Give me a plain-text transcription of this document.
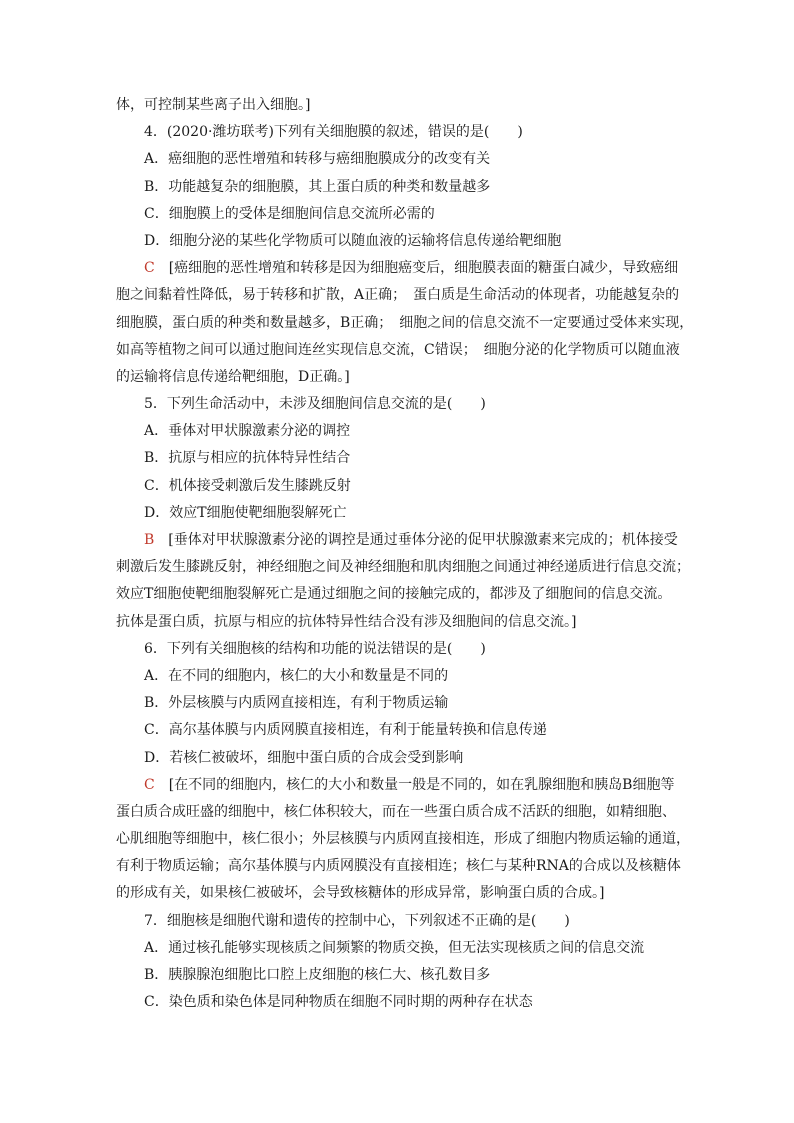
体，可控制某些离子出入细胞。]
4．(2020·潍坊联考)下列有关细胞膜的叙述，错误的是(　　)
A．癌细胞的恶性增殖和转移与癌细胞膜成分的改变有关
B．功能越复杂的细胞膜，其上蛋白质的种类和数量越多
C．细胞膜上的受体是细胞间信息交流所必需的
D．细胞分泌的某些化学物质可以随血液的运输将信息传递给靶细胞
C　 [癌细胞的恶性增殖和转移是因为细胞癌变后，细胞膜表面的糖蛋白减少，导致癌细
胞之间黏着性降低，易于转移和扩散，A正确；　蛋白质是生命活动的体现者，功能越复杂的
细胞膜，蛋白质的种类和数量越多，B正确；　细胞之间的信息交流不一定要通过受体来实现，
如高等植物之间可以通过胞间连丝实现信息交流，C错误；　细胞分泌的化学物质可以随血液
的运输将信息传递给靶细胞，D正确。]
5．下列生命活动中，未涉及细胞间信息交流的是(　　)
A．垂体对甲状腺激素分泌的调控
B．抗原与相应的抗体特异性结合
C．机体接受刺激后发生膝跳反射
D．效应T细胞使靶细胞裂解死亡
B　 [垂体对甲状腺激素分泌的调控是通过垂体分泌的促甲状腺激素来完成的；机体接受
刺激后发生膝跳反射，神经细胞之间及神经细胞和肌肉细胞之间通过神经递质进行信息交流；
效应T细胞使靶细胞裂解死亡是通过细胞之间的接触完成的，都涉及了细胞间的信息交流。
抗体是蛋白质，抗原与相应的抗体特异性结合没有涉及细胞间的信息交流。]
6．下列有关细胞核的结构和功能的说法错误的是(　　)
A．在不同的细胞内，核仁的大小和数量是不同的
B．外层核膜与内质网直接相连，有利于物质运输
C．高尔基体膜与内质网膜直接相连，有利于能量转换和信息传递
D．若核仁被破坏，细胞中蛋白质的合成会受到影响
C　 [在不同的细胞内，核仁的大小和数量一般是不同的，如在乳腺细胞和胰岛B细胞等
蛋白质合成旺盛的细胞中，核仁体积较大，而在一些蛋白质合成不活跃的细胞，如精细胞、
心肌细胞等细胞中，核仁很小；外层核膜与内质网直接相连，形成了细胞内物质运输的通道，
有利于物质运输；高尔基体膜与内质网膜没有直接相连；核仁与某种RNA的合成以及核糖体
的形成有关，如果核仁被破坏，会导致核糖体的形成异常，影响蛋白质的合成。]
7．细胞核是细胞代谢和遗传的控制中心，下列叙述不正确的是(　　)
A．通过核孔能够实现核质之间频繁的物质交换，但无法实现核质之间的信息交流
B．胰腺腺泡细胞比口腔上皮细胞的核仁大、核孔数目多
C．染色质和染色体是同种物质在细胞不同时期的两种存在状态
